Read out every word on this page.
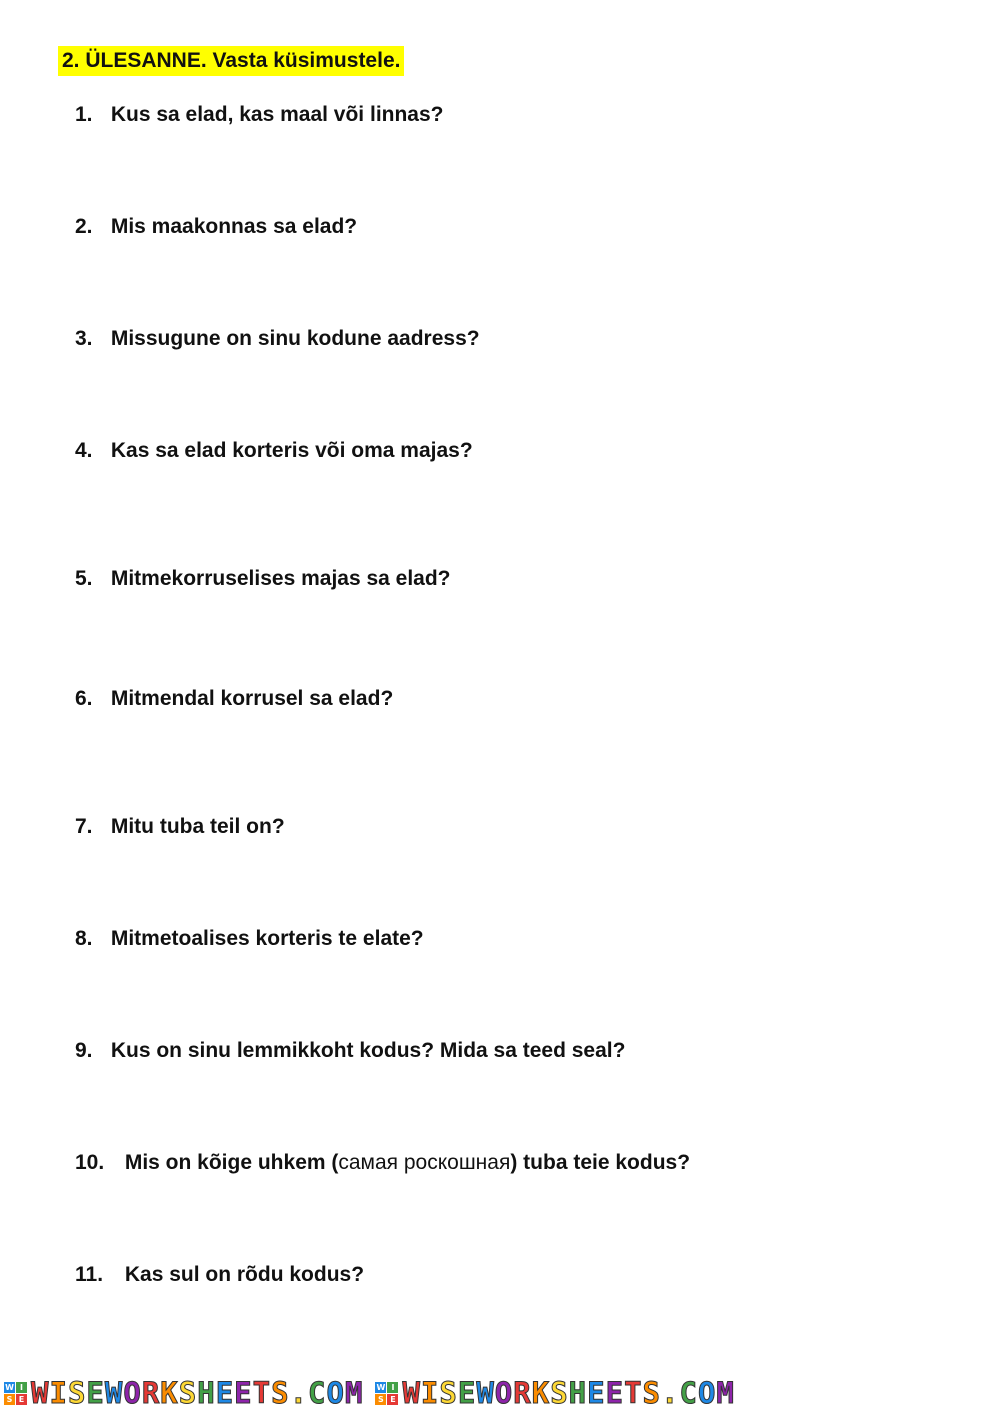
2. ÜLESANNE. Vasta küsimustele.
1. Kus sa elad, kas maal või linnas?
2. Mis maakonnas sa elad?
3. Missugune on sinu kodune aadress?
4. Kas sa elad korteris või oma majas?
5. Mitmekorruselises majas sa elad?
6. Mitmendal korrusel sa elad?
7. Mitu tuba teil on?
8. Mitmetoalises korteris te elate?
9. Kus on sinu lemmikkoht kodus? Mida sa teed seal?
10. Mis on kõige uhkem (самая роскошная) tuba teie kodus?
11. Kas sul on rõdu kodus?
W I
S E WISEWORKSHEETS.COM W I
S E WISEWORKSHEETS.COM
